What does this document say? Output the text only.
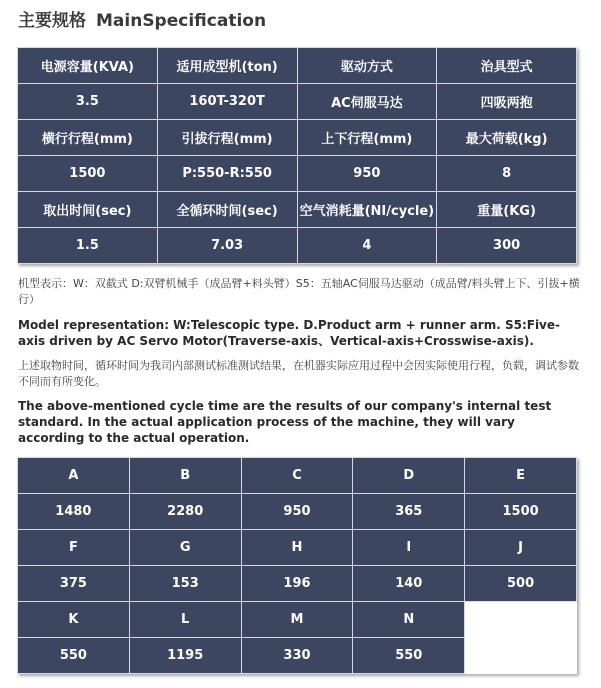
主要规格 MainSpecification
电源容量(KVA)	适用成型机(ton)	驱动方式	治具型式
3.5	160T-320T	AC伺服马达	四吸两抱
横行行程(mm)	引拔行程(mm)	上下行程(mm)	最大荷载(kg)
1500	P:550-R:550	950	8
取出时间(sec)	全循环时间(sec)	空气消耗量(NI/cycle)	重量(KG)
1.5	7.03	4	300
机型表示：W：双截式 D:双臂机械手（成品臂+料头臂）S5：五轴AC伺服马达驱动（成品臂/料头臂上下、引拔+横行）
Model representation: W:Telescopic type. D.Product arm + runner arm. S5:Five-axis driven by AC Servo Motor(Traverse-axis、Vertical-axis+Crosswise-axis).
上述取物时间，循环时间为我司内部测试标准测试结果，在机器实际应用过程中会因实际使用行程，负载，调试参数不同而有所变化。
The above-mentioned cycle time are the results of our company's internal test standard. In the actual application process of the machine, they will vary according to the actual operation.
A	B	C	D	E
1480	2280	950	365	1500
F	G	H	I	J
375	153	196	140	500
K	L	M	N	
550	1195	330	550	
